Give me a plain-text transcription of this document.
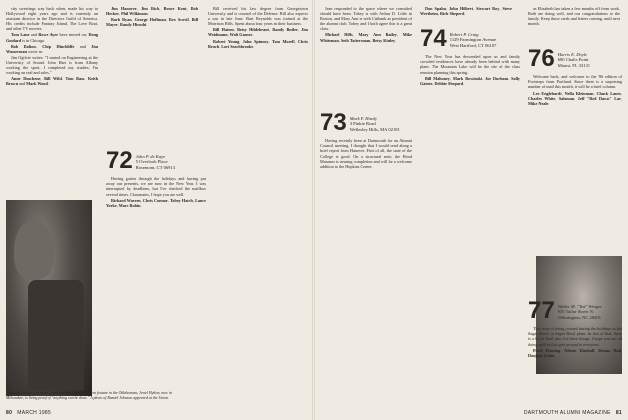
city sweetings way back when, made his way to Hollywood eight years ago and is currently an assistant director in the Directors Guild of America. His credits include Fantasy Island, The Love Boat, and other TV movies.

Tom Lane and Rowe Ayer have moved on; Doug Goulard is in Chicago.

Bob Dalton, Chip Hinchliffe and Jim Wasserman wrote in.

Jim Ogilvie writes: "I started on Engineering at the University of Sound. John Hart is from Albany working the sport. I completed my studies; I'm working on real and sales."

Anne Duschene, Bill Wild, Tom Bass, Keith Brown and Mark Wood.

Jim Hanover, Jim Rich, Bruce Kent, Bob Hecker, Phil Wilkinson.

Barb Ryan, George Hoffman, Rex Scovil, Bill Mayer, Randy Hiroshi.

Bill received his law degree from Georgetown University and is counsel of the Defense. Bill also expects a son in late June. Burt Reynolds was trained at the Morrison Hills. Spent about four years in their business.

Bill Hatem, Betsy Hildebrant, Randy Butler, Jim Weidmann, Walt Ganser.

Robert Young, John Spinney, Tom Morell, Chris Bruch, Lori Seachbrooke.

72 John P. de Kaye
5 Overlook Place
Rosemont, CT 06913

Having gotten through the holidays and having put away our presents, we are now in the New Year. I was interrupted by deadlines, but I've checked the mailbox several times. Classmates, I hope you are well.

Richard Warren, Chris Connor, Tobey Hatch, Lance Yorke, Marc Robin.

"The nutcrackers are more" came the headline of a recent feature in the Oklahoman; Jewel Hylton, now in Milwaukee, is living proof of "anything can be done." A photo of Ramiel Johnson appeared at the Union.
80 MARCH 1985

Jean responded to the space where we consulted should have been. Tobey is with Arthur D. Little in Boston, and Mary Ann is with Citibank as president of the alumni club. Tobey and I both agree this is a great class.

Michael Hills, Mary Ann Bailey, Mike Whiteman, Seth Tattersman, Betsy Kinley.

73 Mark F. Hardy
3 Pinkie Road
Wellesley Hills, MA 02181

Having recently been at Dartmouth for an Alumni Council meeting, I thought that I would send along a brief report from Hanover. First of all, the state of the College is good. On a structural note, the Hood Museum is nearing completion and will be a welcome addition to the Hopkins Center.

Don Spahn, John Hilbert, Stewart Roy, Steve Wertheim, Rich Sheperd.

74 Robert P. Craig
1129 Farmington Avenue
West Hartford, CT 06107

The New Year has descended upon us and family crowded residences have already been behind with many plans. The Mountain Lake will be the site of the class reunion planning this spring.

Bill Mahoney, Mark Rowinski, Joe Durham, Sally Gaines, Debbie Shepard.

as Elizabeth has taken a few months off from work. Both are doing well, and our congratulations to the family. Keep those cards and letters coming, until next month.

76 Harris E. Doyle
680 Chalis Point
Miami, FL 33131

Welcome back, and welcome to the '86 edition of Footsteps from Portland. Since there is a surprising number of mail this month, it will be a brief column.

Lee Englehardt, Nella Kleinman, Chuck Lanes, Charles White, Salzman, Jeff "Red Dawn" Lar, Mike Neale.

77 Walter M. "Ted" Winger
935 Tailor Street N.
Wilmington, NC 28401

This issue is being created during the holidays at the Sugar Bowl, or Super Bowl plans. In lieu of that, there is a lot of final tries for these things. I hope you are all doing well as this gets around to everyone.

Pearl Fleming, Nelson Kimball, Donna Hall, Douglas Lubin.

DARTMOUTH ALUMNI MAGAZINE 81
